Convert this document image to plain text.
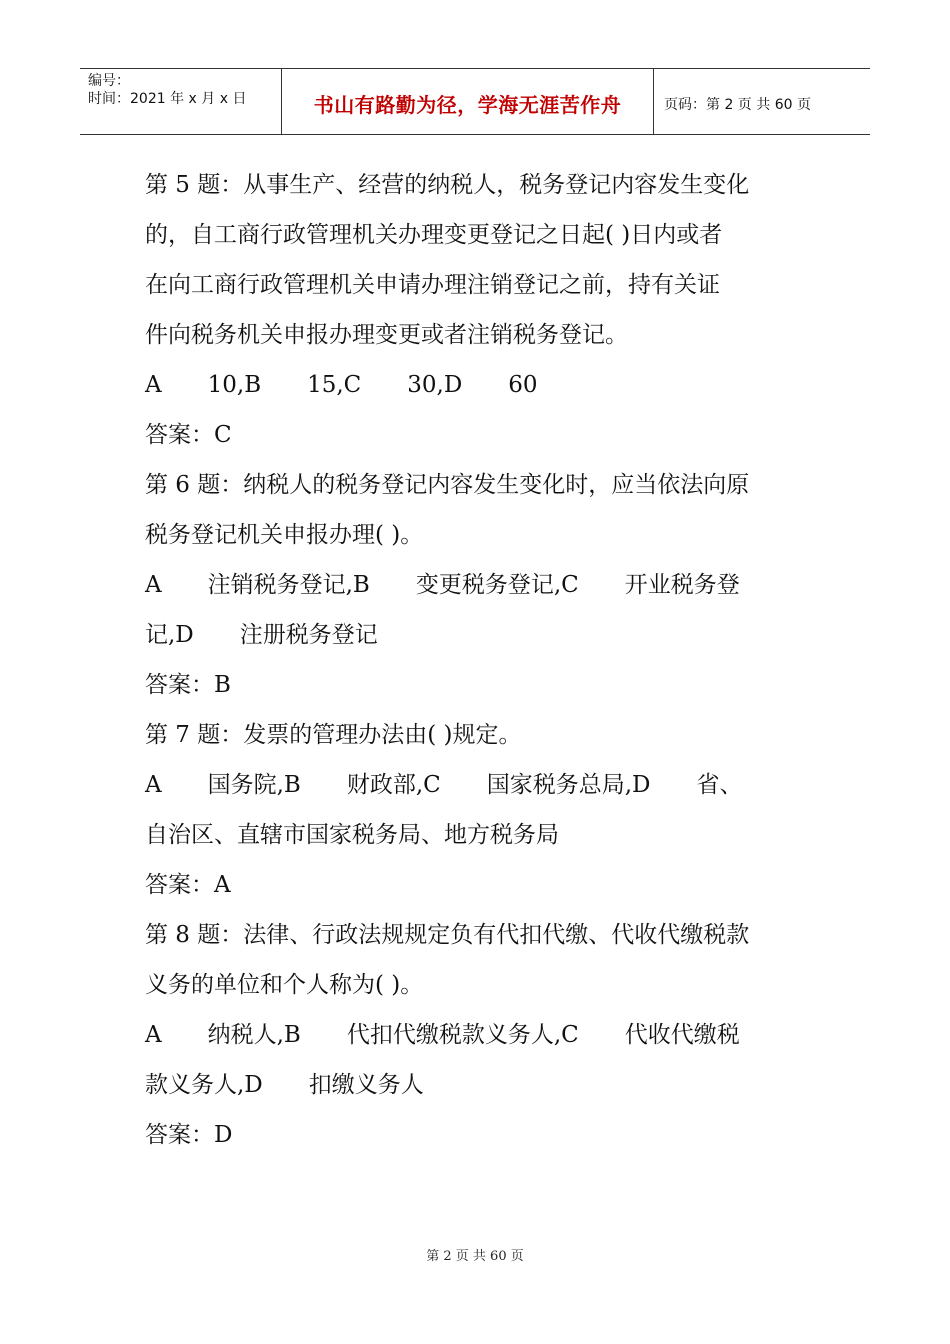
编号：
时间：2021 年 x 月 x 日	书山有路勤为径，学海无涯苦作舟	页码：第 2 页 共 60 页
第 5 题：从事生产、经营的纳税人，税务登记内容发生变化
的，自工商行政管理机关办理变更登记之日起( )日内或者
在向工商行政管理机关申请办理注销登记之前，持有关证
件向税务机关申报办理变更或者注销税务登记。
A　　10,B　　15,C　　30,D　　60
答案：C
第 6 题：纳税人的税务登记内容发生变化时，应当依法向原
税务登记机关申报办理( )。
A　　注销税务登记,B　　变更税务登记,C　　开业税务登
记,D　　注册税务登记
答案：B
第 7 题：发票的管理办法由( )规定。
A　　国务院,B　　财政部,C　　国家税务总局,D　　省、
自治区、直辖市国家税务局、地方税务局
答案：A
第 8 题：法律、行政法规规定负有代扣代缴、代收代缴税款
义务的单位和个人称为( )。
A　　纳税人,B　　代扣代缴税款义务人,C　　代收代缴税
款义务人,D　　扣缴义务人
答案：D
第 2 页 共 60 页
